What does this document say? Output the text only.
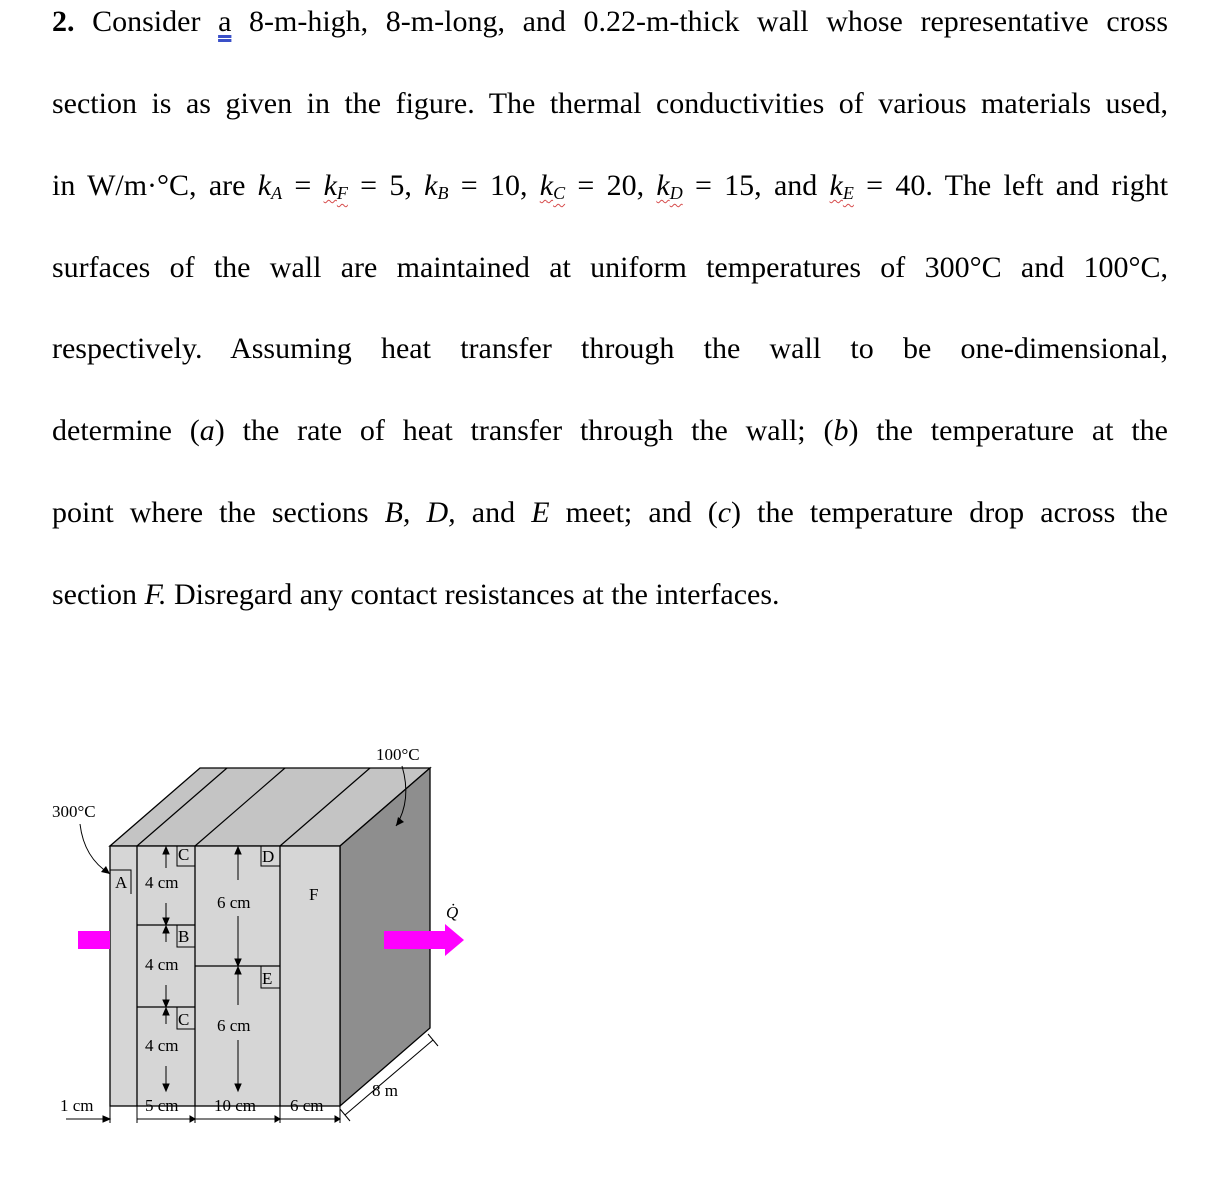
2. Consider a 8-m-high, 8-m-long, and 0.22-m-thick wall whose representative cross
section is as given in the figure. The thermal conductivities of various materials used,
in W/m·°C, are $k_A = k_F = 5$, $k_B = 10$, $k_C = 20$, $k_D = 15$, and $k_E = 40$. The left and right
surfaces of the wall are maintained at uniform temperatures of 300°C and 100°C,
respectively. Assuming heat transfer through the wall to be one-dimensional,
determine (a) the rate of heat transfer through the wall; (b) the temperature at the
point where the sections B, D, and E meet; and (c) the temperature drop across the
section F. Disregard any contact resistances at the interfaces.
A
C
B
C
D
E
F
4 cm
4 cm
4 cm
6 cm
6 cm
Q̇
300°C
100°C
8 m
1 cm	5 cm 10 cm 6 cm
